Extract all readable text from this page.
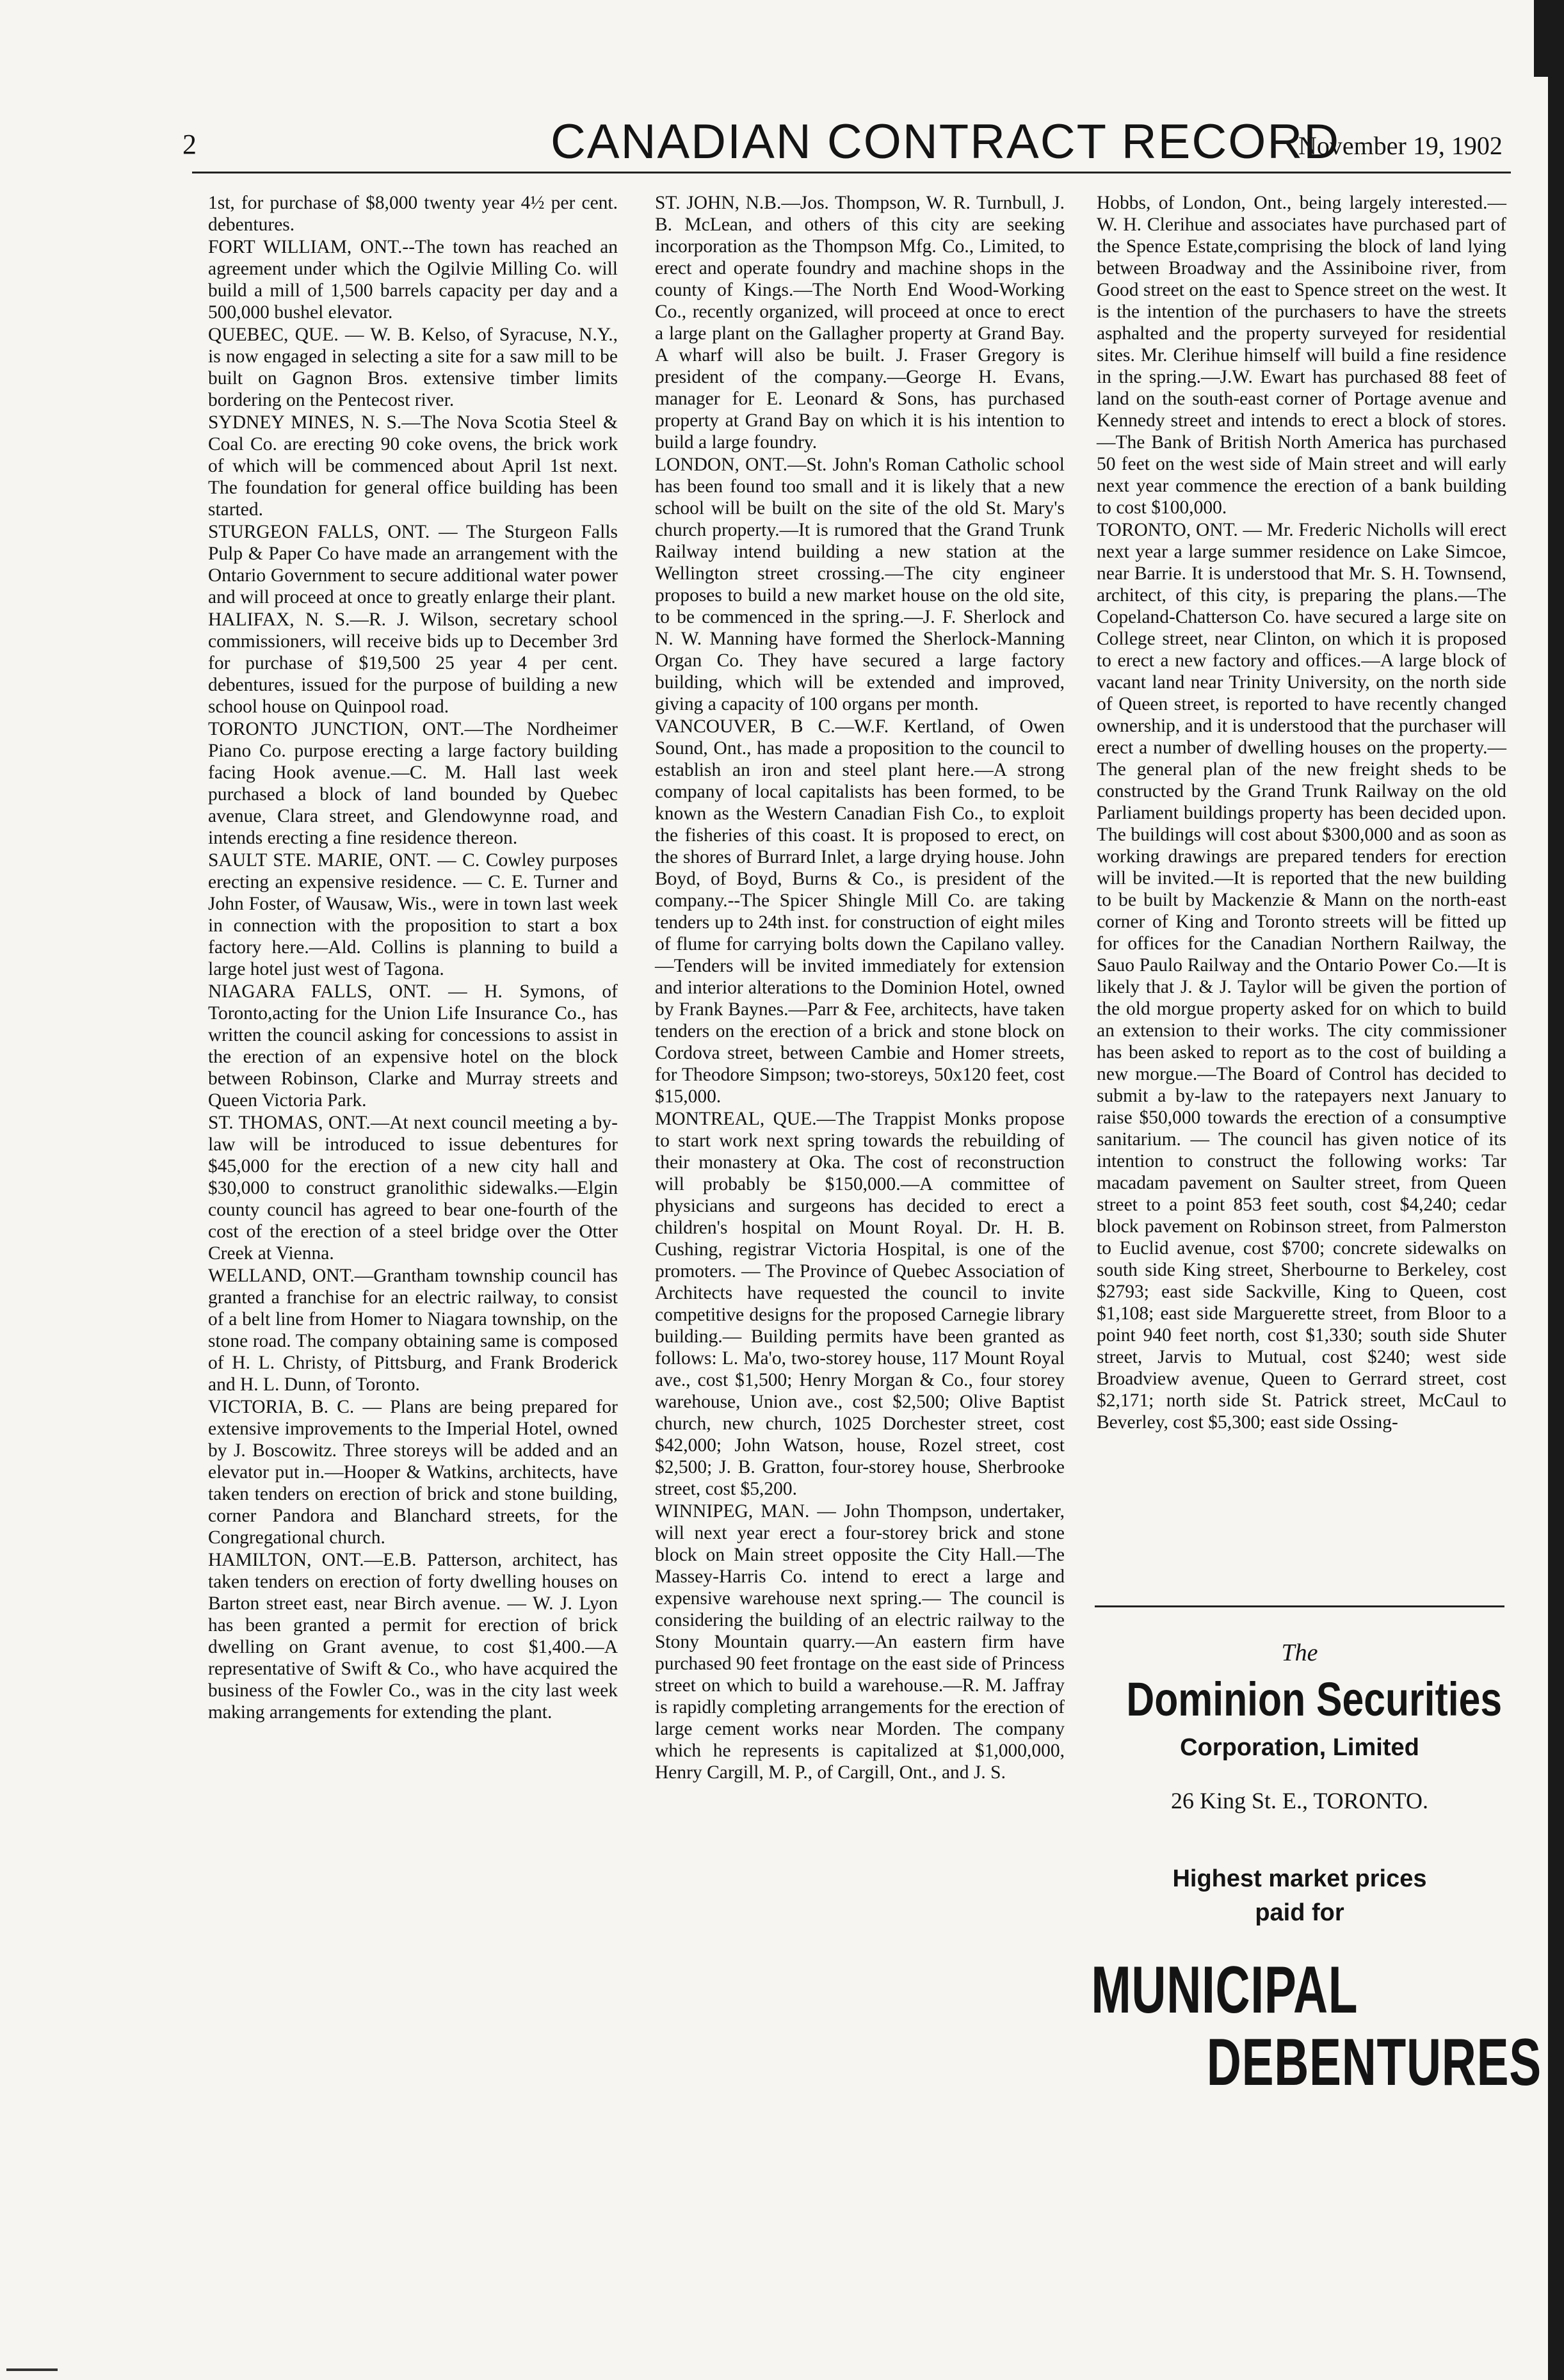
2	CANADIAN CONTRACT RECORD
November 19, 1902

1st, for purchase of $8,000 twenty year 4½ per cent. debentures.

FORT WILLIAM, ONT.--The town has reached an agreement under which the Ogilvie Milling Co. will build a mill of 1,500 barrels capacity per day and a 500,000 bushel elevator.

QUEBEC, QUE. — W. B. Kelso, of Syracuse, N.Y., is now engaged in selecting a site for a saw mill to be built on Gagnon Bros. extensive timber limits bordering on the Pentecost river.

SYDNEY MINES, N. S.—The Nova Scotia Steel & Coal Co. are erecting 90 coke ovens, the brick work of which will be commenced about April 1st next. The foundation for general office building has been started.

STURGEON FALLS, ONT. — The Sturgeon Falls Pulp & Paper Co have made an arrangement with the Ontario Government to secure additional water power and will proceed at once to greatly enlarge their plant.

HALIFAX, N. S.—R. J. Wilson, secretary school commissioners, will receive bids up to December 3rd for purchase of $19,500 25 year 4 per cent. debentures, issued for the purpose of building a new school house on Quinpool road.

TORONTO JUNCTION, ONT.—The Nordheimer Piano Co. purpose erecting a large factory building facing Hook avenue.—C. M. Hall last week purchased a block of land bounded by Quebec avenue, Clara street, and Glendowynne road, and intends erecting a fine residence thereon.

SAULT STE. MARIE, ONT. — C. Cowley purposes erecting an expensive residence. — C. E. Turner and John Foster, of Wausaw, Wis., were in town last week in connection with the proposition to start a box factory here.—Ald. Collins is planning to build a large hotel just west of Tagona.

NIAGARA FALLS, ONT. — H. Symons, of Toronto,acting for the Union Life Insurance Co., has written the council asking for concessions to assist in the erection of an expensive hotel on the block between Robinson, Clarke and Murray streets and Queen Victoria Park.

ST. THOMAS, ONT.—At next council meeting a by-law will be introduced to issue debentures for $45,000 for the erection of a new city hall and $30,000 to construct granolithic sidewalks.—Elgin county council has agreed to bear one-fourth of the cost of the erection of a steel bridge over the Otter Creek at Vienna.

WELLAND, ONT.—Grantham township council has granted a franchise for an electric railway, to consist of a belt line from Homer to Niagara township, on the stone road. The company obtaining same is composed of H. L. Christy, of Pittsburg, and Frank Broderick and H. L. Dunn, of Toronto.

VICTORIA, B. C. — Plans are being prepared for extensive improvements to the Imperial Hotel, owned by J. Boscowitz. Three storeys will be added and an elevator put in.—Hooper & Watkins, architects, have taken tenders on erection of brick and stone building, corner Pandora and Blanchard streets, for the Congregational church.

HAMILTON, ONT.—E.B. Patterson, architect, has taken tenders on erection of forty dwelling houses on Barton street east, near Birch avenue. — W. J. Lyon has been granted a permit for erection of brick dwelling on Grant avenue, to cost $1,400.—A representative of Swift & Co., who have acquired the business of the Fowler Co., was in the city last week making arrangements for extending the plant.

ST. JOHN, N.B.—Jos. Thompson, W. R. Turnbull, J. B. McLean, and others of this city are seeking incorporation as the Thompson Mfg. Co., Limited, to erect and operate foundry and machine shops in the county of Kings.—The North End Wood-Working Co., recently organized, will proceed at once to erect a large plant on the Gallagher property at Grand Bay. A wharf will also be built. J. Fraser Gregory is president of the company.—George H. Evans, manager for E. Leonard & Sons, has purchased property at Grand Bay on which it is his intention to build a large foundry.

LONDON, ONT.—St. John's Roman Catholic school has been found too small and it is likely that a new school will be built on the site of the old St. Mary's church property.—It is rumored that the Grand Trunk Railway intend building a new station at the Wellington street crossing.—The city engineer proposes to build a new market house on the old site, to be commenced in the spring.—J. F. Sherlock and N. W. Manning have formed the Sherlock-Manning Organ Co. They have secured a large factory building, which will be extended and improved, giving a capacity of 100 organs per month.

VANCOUVER, B C.—W.F. Kertland, of Owen Sound, Ont., has made a proposition to the council to establish an iron and steel plant here.—A strong company of local capitalists has been formed, to be known as the Western Canadian Fish Co., to exploit the fisheries of this coast. It is proposed to erect, on the shores of Burrard Inlet, a large drying house. John Boyd, of Boyd, Burns & Co., is president of the company.--The Spicer Shingle Mill Co. are taking tenders up to 24th inst. for construction of eight miles of flume for carrying bolts down the Capilano valley.—Tenders will be invited immediately for extension and interior alterations to the Dominion Hotel, owned by Frank Baynes.—Parr & Fee, architects, have taken tenders on the erection of a brick and stone block on Cordova street, between Cambie and Homer streets, for Theodore Simpson; two-storeys, 50x120 feet, cost $15,000.

MONTREAL, QUE.—The Trappist Monks propose to start work next spring towards the rebuilding of their monastery at Oka. The cost of reconstruction will probably be $150,000.—A committee of physicians and surgeons has decided to erect a children's hospital on Mount Royal. Dr. H. B. Cushing, registrar Victoria Hospital, is one of the promoters. — The Province of Quebec Association of Architects have requested the council to invite competitive designs for the proposed Carnegie library building.— Building permits have been granted as follows: L. Ma'o, two-storey house, 117 Mount Royal ave., cost $1,500; Henry Morgan & Co., four storey warehouse, Union ave., cost $2,500; Olive Baptist church, new church, 1025 Dorchester street, cost $42,000; John Watson, house, Rozel street, cost $2,500; J. B. Gratton, four-storey house, Sherbrooke street, cost $5,200.

WINNIPEG, MAN. — John Thompson, undertaker, will next year erect a four-storey brick and stone block on Main street opposite the City Hall.—The Massey-Harris Co. intend to erect a large and expensive warehouse next spring.— The council is considering the building of an electric railway to the Stony Mountain quarry.—An eastern firm have purchased 90 feet frontage on the east side of Princess street on which to build a warehouse.—R. M. Jaffray is rapidly completing arrangements for the erection of large cement works near Morden. The company which he represents is capitalized at $1,000,000, Henry Cargill, M. P., of Cargill, Ont., and J. S.

Hobbs, of London, Ont., being largely interested.—W. H. Clerihue and associates have purchased part of the Spence Estate,comprising the block of land lying between Broadway and the Assiniboine river, from Good street on the east to Spence street on the west. It is the intention of the purchasers to have the streets asphalted and the property surveyed for residential sites. Mr. Clerihue himself will build a fine residence in the spring.—J.W. Ewart has purchased 88 feet of land on the south-east corner of Portage avenue and Kennedy street and intends to erect a block of stores.—The Bank of British North America has purchased 50 feet on the west side of Main street and will early next year commence the erection of a bank building to cost $100,000.

TORONTO, ONT. — Mr. Frederic Nicholls will erect next year a large summer residence on Lake Simcoe, near Barrie. It is understood that Mr. S. H. Townsend, architect, of this city, is preparing the plans.—The Copeland-Chatterson Co. have secured a large site on College street, near Clinton, on which it is proposed to erect a new factory and offices.—A large block of vacant land near Trinity University, on the north side of Queen street, is reported to have recently changed ownership, and it is understood that the purchaser will erect a number of dwelling houses on the property.—The general plan of the new freight sheds to be constructed by the Grand Trunk Railway on the old Parliament buildings property has been decided upon. The buildings will cost about $300,000 and as soon as working drawings are prepared tenders for erection will be invited.—It is reported that the new building to be built by Mackenzie & Mann on the north-east corner of King and Toronto streets will be fitted up for offices for the Canadian Northern Railway, the Sauo Paulo Railway and the Ontario Power Co.—It is likely that J. & J. Taylor will be given the portion of the old morgue property asked for on which to build an extension to their works. The city commissioner has been asked to report as to the cost of building a new morgue.—The Board of Control has decided to submit a by-law to the ratepayers next January to raise $50,000 towards the erection of a consumptive sanitarium. — The council has given notice of its intention to construct the following works: Tar macadam pavement on Saulter street, from Queen street to a point 853 feet south, cost $4,240; cedar block pavement on Robinson street, from Palmerston to Euclid avenue, cost $700; concrete sidewalks on south side King street, Sherbourne to Berkeley, cost $2793; east side Sackville, King to Queen, cost $1,108; east side Marguerette street, from Bloor to a point 940 feet north, cost $1,330; south side Shuter street, Jarvis to Mutual, cost $240; west side Broadview avenue, Queen to Gerrard street, cost $2,171; north side St. Patrick street, McCaul to Beverley, cost $5,300; east side Ossing-

The
Dominion Securities
Corporation, Limited
26 King St. E., TORONTO.
Highest market prices
paid for
MUNICIPAL
DEBENTURES
